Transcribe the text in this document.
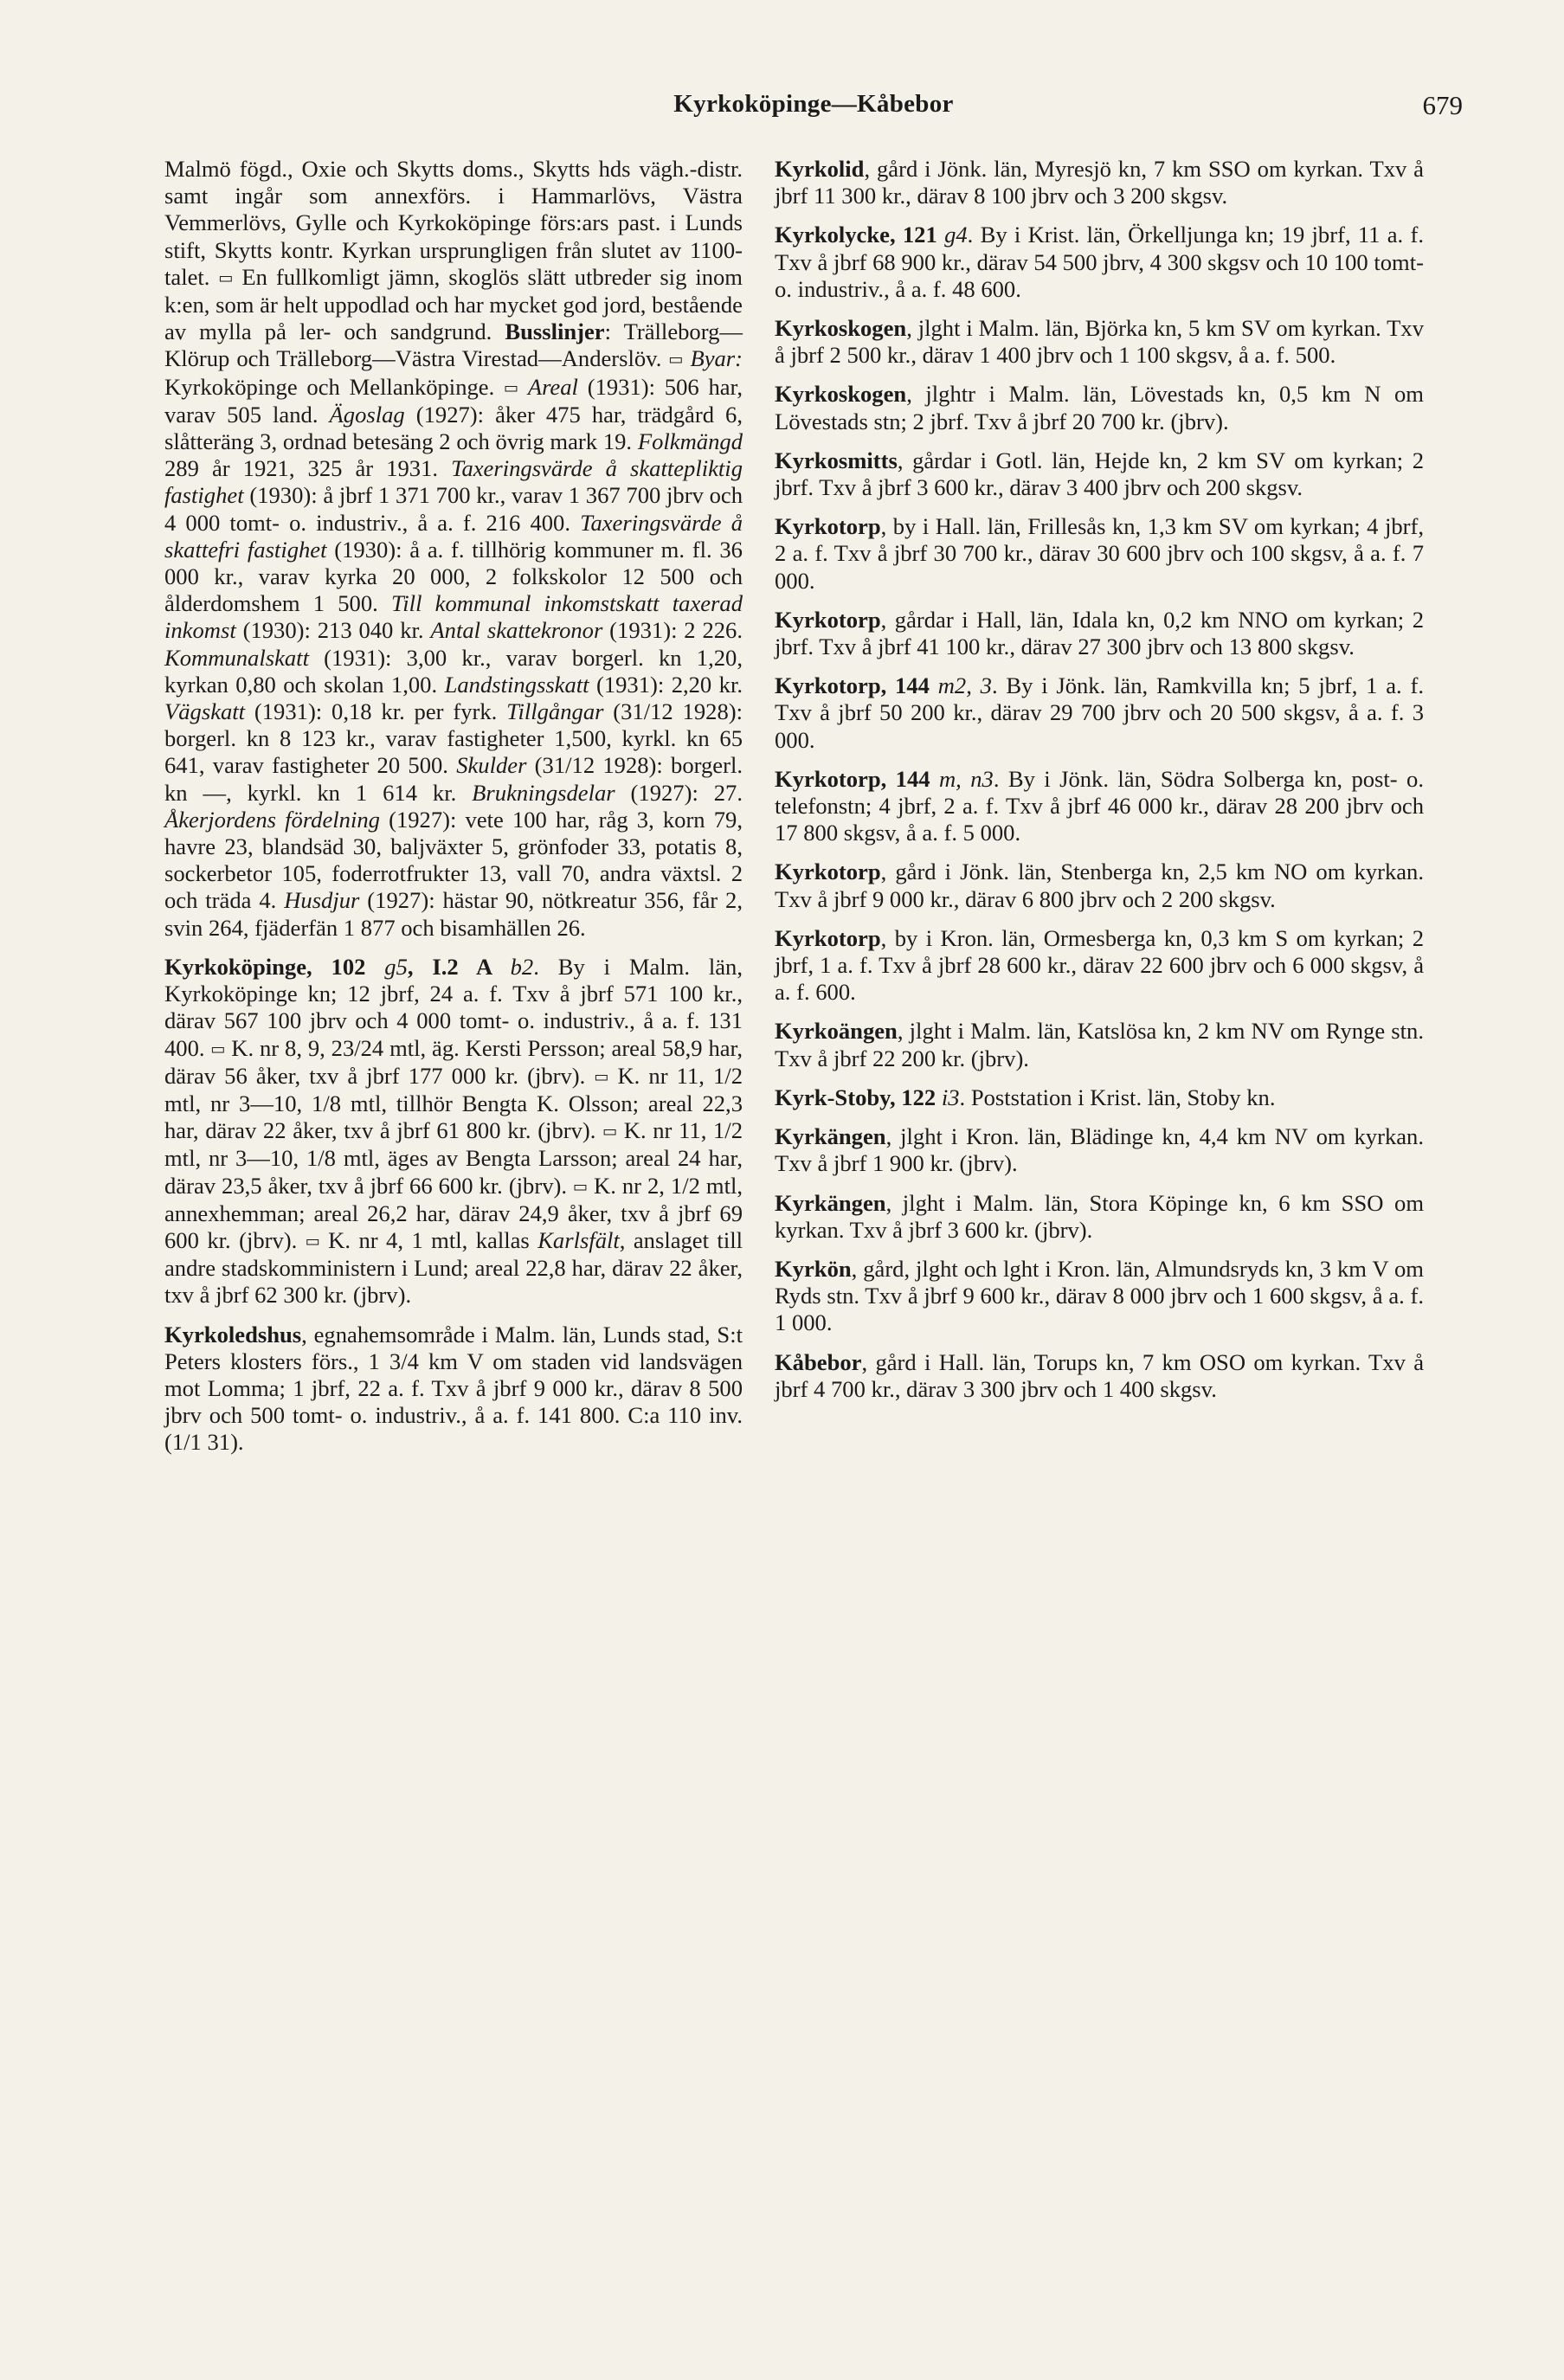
Kyrkoköpinge—Kåbebor	679

Malmö fögd., Oxie och Skytts doms., Skytts hds vägh.-distr. samt ingår som annexförs. i Hammarlövs, Västra Vemmerlövs, Gylle och Kyrkoköpinge förs:ars past. i Lunds stift, Skytts kontr. Kyrkan ursprungligen från slutet av 1100-talet. ▭ En fullkomligt jämn, skoglös slätt utbreder sig inom k:en, som är helt uppodlad och har mycket god jord, bestående av mylla på ler- och sandgrund. Busslinjer: Trälleborg—Klörup och Trälleborg—Västra Virestad—Anderslöv. ▭ Byar: Kyrkoköpinge och Mellanköpinge. ▭ Areal (1931): 506 har, varav 505 land. Ägoslag (1927): åker 475 har, trädgård 6, slåtteräng 3, ordnad betesäng 2 och övrig mark 19. Folkmängd 289 år 1921, 325 år 1931. Taxeringsvärde å skattepliktig fastighet (1930): å jbrf 1 371 700 kr., varav 1 367 700 jbrv och 4 000 tomt- o. industriv., å a. f. 216 400. Taxeringsvärde å skattefri fastighet (1930): å a. f. tillhörig kommuner m. fl. 36 000 kr., varav kyrka 20 000, 2 folkskolor 12 500 och ålderdomshem 1 500. Till kommunal inkomstskatt taxerad inkomst (1930): 213 040 kr. Antal skattekronor (1931): 2 226. Kommunalskatt (1931): 3,00 kr., varav borgerl. kn 1,20, kyrkan 0,80 och skolan 1,00. Landstingsskatt (1931): 2,20 kr. Vägskatt (1931): 0,18 kr. per fyrk. Tillgångar (31/12 1928): borgerl. kn 8 123 kr., varav fastigheter 1,500, kyrkl. kn 65 641, varav fastigheter 20 500. Skulder (31/12 1928): borgerl. kn —, kyrkl. kn 1 614 kr. Brukningsdelar (1927): 27. Åkerjordens fördelning (1927): vete 100 har, råg 3, korn 79, havre 23, blandsäd 30, baljväxter 5, grönfoder 33, potatis 8, sockerbetor 105, foderrotfrukter 13, vall 70, andra växtsl. 2 och träda 4. Husdjur (1927): hästar 90, nötkreatur 356, får 2, svin 264, fjäderfän 1 877 och bisamhällen 26.

Kyrkoköpinge, 102 g5, I.2 A b2. By i Malm. län, Kyrkoköpinge kn; 12 jbrf, 24 a. f. Txv å jbrf 571 100 kr., därav 567 100 jbrv och 4 000 tomt- o. industriv., å a. f. 131 400. ▭ K. nr 8, 9, 23/24 mtl, äg. Kersti Persson; areal 58,9 har, därav 56 åker, txv å jbrf 177 000 kr. (jbrv). ▭ K. nr 11, 1/2 mtl, nr 3—10, 1/8 mtl, tillhör Bengta K. Olsson; areal 22,3 har, därav 22 åker, txv å jbrf 61 800 kr. (jbrv). ▭ K. nr 11, 1/2 mtl, nr 3—10, 1/8 mtl, äges av Bengta Larsson; areal 24 har, därav 23,5 åker, txv å jbrf 66 600 kr. (jbrv). ▭ K. nr 2, 1/2 mtl, annexhemman; areal 26,2 har, därav 24,9 åker, txv å jbrf 69 600 kr. (jbrv). ▭ K. nr 4, 1 mtl, kallas Karlsfält, anslaget till andre stadskomministern i Lund; areal 22,8 har, därav 22 åker, txv å jbrf 62 300 kr. (jbrv).

Kyrkoledshus, egnahemsområde i Malm. län, Lunds stad, S:t Peters klosters förs., 1 3/4 km V om staden vid landsvägen mot Lomma; 1 jbrf, 22 a. f. Txv å jbrf 9 000 kr., därav 8 500 jbrv och 500 tomt- o. industriv., å a. f. 141 800. C:a 110 inv. (1/1 31).

Kyrkolid, gård i Jönk. län, Myresjö kn, 7 km SSO om kyrkan. Txv å jbrf 11 300 kr., därav 8 100 jbrv och 3 200 skgsv.

Kyrkolycke, 121 g4. By i Krist. län, Örkelljunga kn; 19 jbrf, 11 a. f. Txv å jbrf 68 900 kr., därav 54 500 jbrv, 4 300 skgsv och 10 100 tomt- o. industriv., å a. f. 48 600.

Kyrkoskogen, jlght i Malm. län, Björka kn, 5 km SV om kyrkan. Txv å jbrf 2 500 kr., därav 1 400 jbrv och 1 100 skgsv, å a. f. 500.

Kyrkoskogen, jlghtr i Malm. län, Lövestads kn, 0,5 km N om Lövestads stn; 2 jbrf. Txv å jbrf 20 700 kr. (jbrv).

Kyrkosmitts, gårdar i Gotl. län, Hejde kn, 2 km SV om kyrkan; 2 jbrf. Txv å jbrf 3 600 kr., därav 3 400 jbrv och 200 skgsv.

Kyrkotorp, by i Hall. län, Frillesås kn, 1,3 km SV om kyrkan; 4 jbrf, 2 a. f. Txv å jbrf 30 700 kr., därav 30 600 jbrv och 100 skgsv, å a. f. 7 000.

Kyrkotorp, gårdar i Hall, län, Idala kn, 0,2 km NNO om kyrkan; 2 jbrf. Txv å jbrf 41 100 kr., därav 27 300 jbrv och 13 800 skgsv.

Kyrkotorp, 144 m2, 3. By i Jönk. län, Ramkvilla kn; 5 jbrf, 1 a. f. Txv å jbrf 50 200 kr., därav 29 700 jbrv och 20 500 skgsv, å a. f. 3 000.

Kyrkotorp, 144 m, n3. By i Jönk. län, Södra Solberga kn, post- o. telefonstn; 4 jbrf, 2 a. f. Txv å jbrf 46 000 kr., därav 28 200 jbrv och 17 800 skgsv, å a. f. 5 000.

Kyrkotorp, gård i Jönk. län, Stenberga kn, 2,5 km NO om kyrkan. Txv å jbrf 9 000 kr., därav 6 800 jbrv och 2 200 skgsv.

Kyrkotorp, by i Kron. län, Ormesberga kn, 0,3 km S om kyrkan; 2 jbrf, 1 a. f. Txv å jbrf 28 600 kr., därav 22 600 jbrv och 6 000 skgsv, å a. f. 600.

Kyrkoängen, jlght i Malm. län, Katslösa kn, 2 km NV om Rynge stn. Txv å jbrf 22 200 kr. (jbrv).

Kyrk-Stoby, 122 i3. Poststation i Krist. län, Stoby kn.

Kyrkängen, jlght i Kron. län, Blädinge kn, 4,4 km NV om kyrkan. Txv å jbrf 1 900 kr. (jbrv).

Kyrkängen, jlght i Malm. län, Stora Köpinge kn, 6 km SSO om kyrkan. Txv å jbrf 3 600 kr. (jbrv).

Kyrkön, gård, jlght och lght i Kron. län, Almundsryds kn, 3 km V om Ryds stn. Txv å jbrf 9 600 kr., därav 8 000 jbrv och 1 600 skgsv, å a. f. 1 000.

Kåbebor, gård i Hall. län, Torups kn, 7 km OSO om kyrkan. Txv å jbrf 4 700 kr., därav 3 300 jbrv och 1 400 skgsv.
